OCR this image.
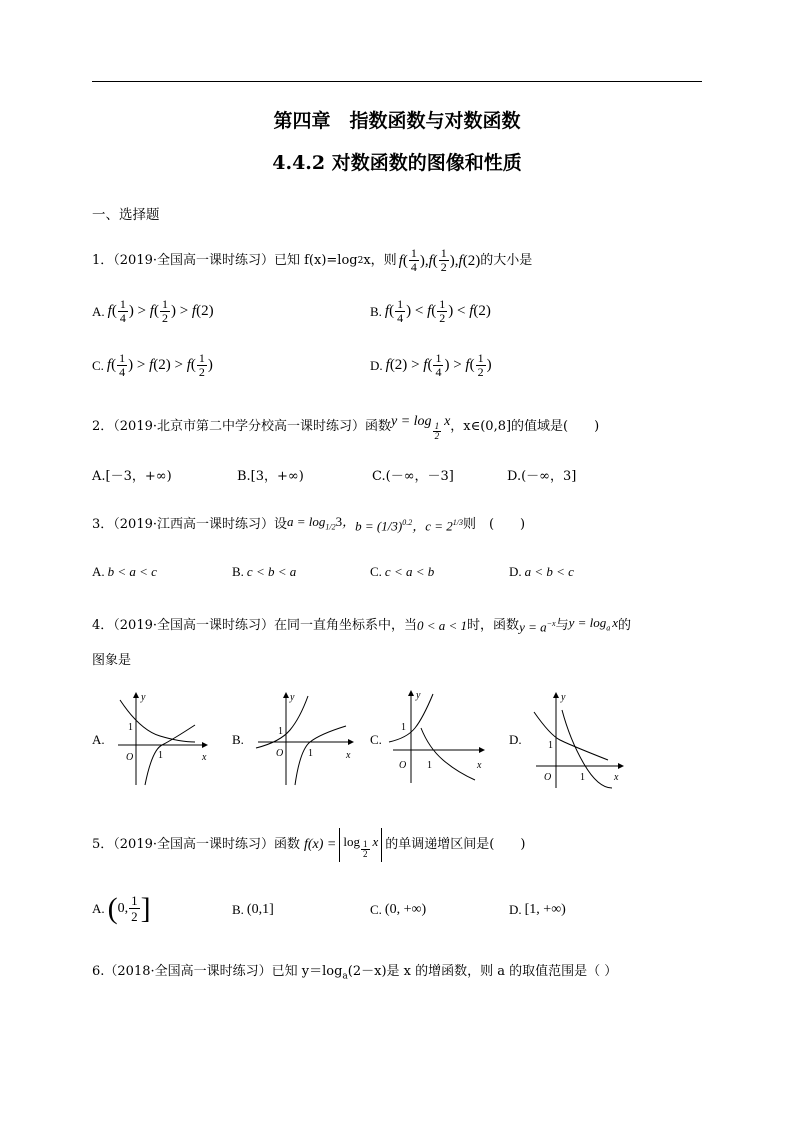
第四章　指数函数与对数函数
4.4.2 对数函数的图像和性质
一、选择题
1．（2019·全国高一课时练习）已知 f(x)=log 2 x，则 f ( $\frac{1}{4}$ ), f ( $\frac{1}{2}$ ), f (2) 的大小是
A. f ( $\frac{1}{4}$ ) > f ( $\frac{1}{2}$ ) > f (2)	B. f ( $\frac{1}{4}$ ) < f ( $\frac{1}{2}$ ) < f (2)
C. f ( $\frac{1}{4}$ ) > f (2) > f ( $\frac{1}{2}$ )	D. f (2) > f ( $\frac{1}{4}$ ) > f ( $\frac{1}{2}$ )
2．（2019·北京市第二中学分校高一课时练习）函数 y = log
$\frac{1}{2}$
x ，x∈(0,8]的值域是(　　)
A.[－3，+∞)	B.[3，+∞)	C.(－∞，－3]	D.(－∞，3]
3．（2019·江西高一课时练习）设 $a = \log_{1/2}3$， $b = (1/3)^{0.2}$， $c = 2^{1/3}$ 则　(　　)
A. b < a < c	B. c < b < a	C. c < a < b	D. a < b < c
4．（2019·全国高一课时练习）在同一直角坐标系中，当 0 < a < 1 时，函数 $y = a^{-x}$ 与 $y = \log_a x$ 的
图象是
A.
y
x
O
1
1
B.
y
x
O
1
1
C.
y
x
O
1
1
D.
y
x
O
1
1
5．（2019·全国高一课时练习）函数 $f(x) = \log \frac{1}{2}$ x 的单调递增区间是(　　)
A. ( 0, $\frac{1}{2}$ ]	B. (0,1]	C. (0, +∞)	D. [1, +∞)
6.（2018·全国高一课时练习）已知 $y=\log_a(2-x)$是 x 的增函数，则 a 的取值范围是（ ）
